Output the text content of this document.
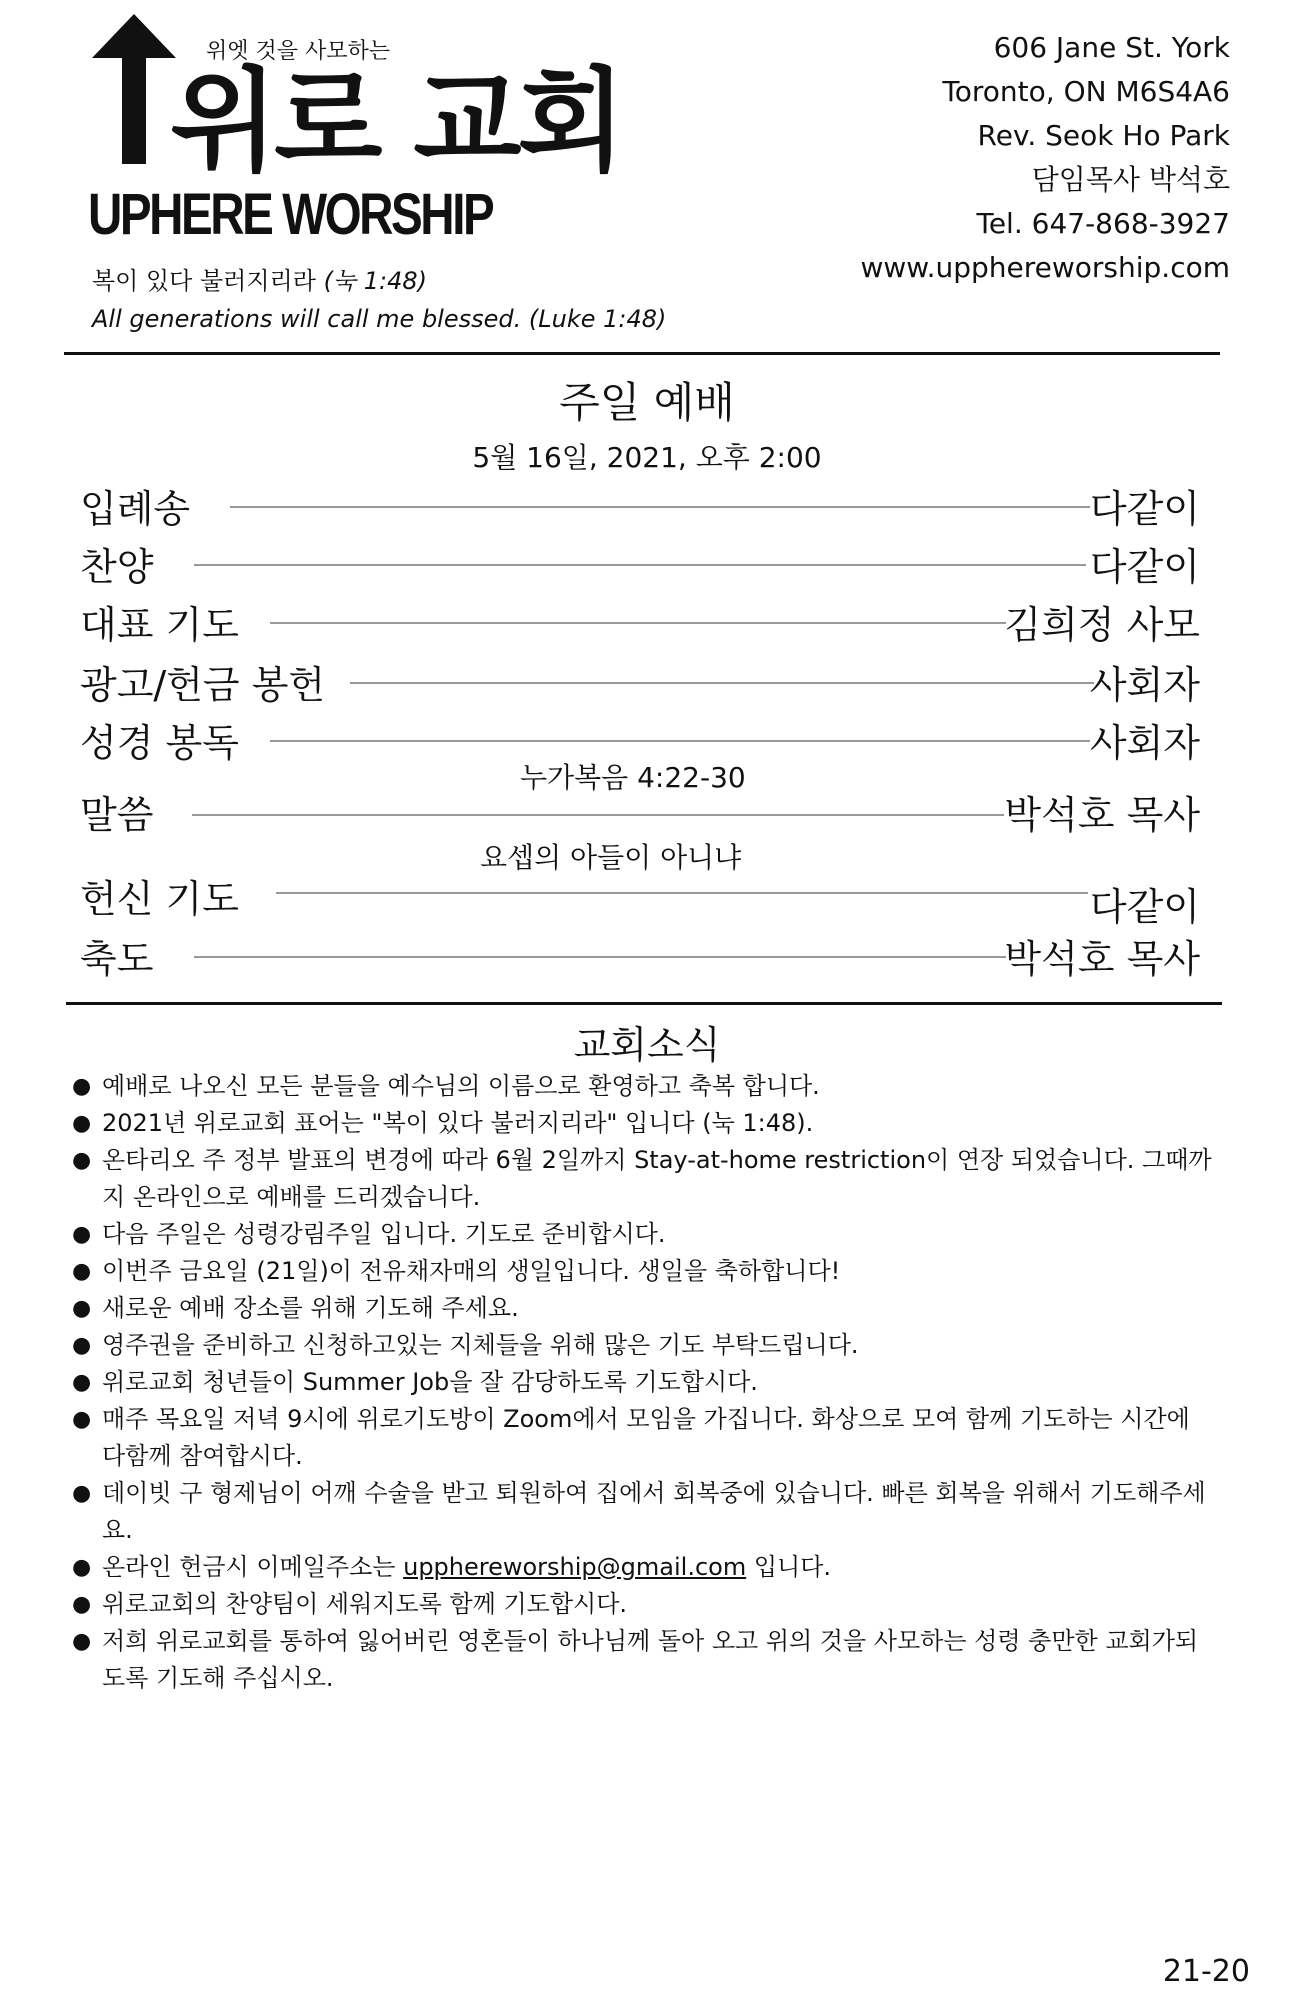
위엣 것을 사모하는
위로 교회
UPHERE WORSHIP
복이 있다 불러지리라 (눅 1:48)
All generations will call me blessed. (Luke 1:48)
606 Jane St. York
Toronto, ON M6S4A6
Rev. Seok Ho Park
담임목사 박석호
Tel. 647-868-3927
www.upphereworship.com
주일 예배
5월 16일, 2021, 오후 2:00
입례송	다같이
찬양	다같이
대표 기도	김희정 사모
광고/헌금 봉헌	사회자
성경 봉독	사회자
누가복음 4:22-30
말씀	박석호 목사
요셉의 아들이 아니냐
헌신 기도	다같이
축도	박석호 목사
교회소식
● 예배로 나오신 모든 분들을 예수님의 이름으로 환영하고 축복 합니다.
● 2021년 위로교회 표어는 "복이 있다 불러지리라" 입니다 (눅 1:48).
● 온타리오 주 정부 발표의 변경에 따라 6월 2일까지 Stay-at-home restriction이 연장 되었습니다. 그때까지 온라인으로 예배를 드리겠습니다.
● 다음 주일은 성령강림주일 입니다. 기도로 준비합시다.
● 이번주 금요일 (21일)이 전유채자매의 생일입니다. 생일을 축하합니다!
● 새로운 예배 장소를 위해 기도해 주세요.
● 영주권을 준비하고 신청하고있는 지체들을 위해 많은 기도 부탁드립니다.
● 위로교회 청년들이 Summer Job을 잘 감당하도록 기도합시다.
● 매주 목요일 저녁 9시에 위로기도방이 Zoom에서 모임을 가집니다. 화상으로 모여 함께 기도하는 시간에 다함께 참여합시다.
● 데이빗 구 형제님이 어깨 수술을 받고 퇴원하여 집에서 회복중에 있습니다. 빠른 회복을 위해서 기도해주세요.
● 온라인 헌금시 이메일주소는 upphereworship@gmail.com 입니다.
● 위로교회의 찬양팀이 세워지도록 함께 기도합시다.
● 저희 위로교회를 통하여 잃어버린 영혼들이 하나님께 돌아 오고 위의 것을 사모하는 성령 충만한 교회가되도록 기도해 주십시오.
21-20
